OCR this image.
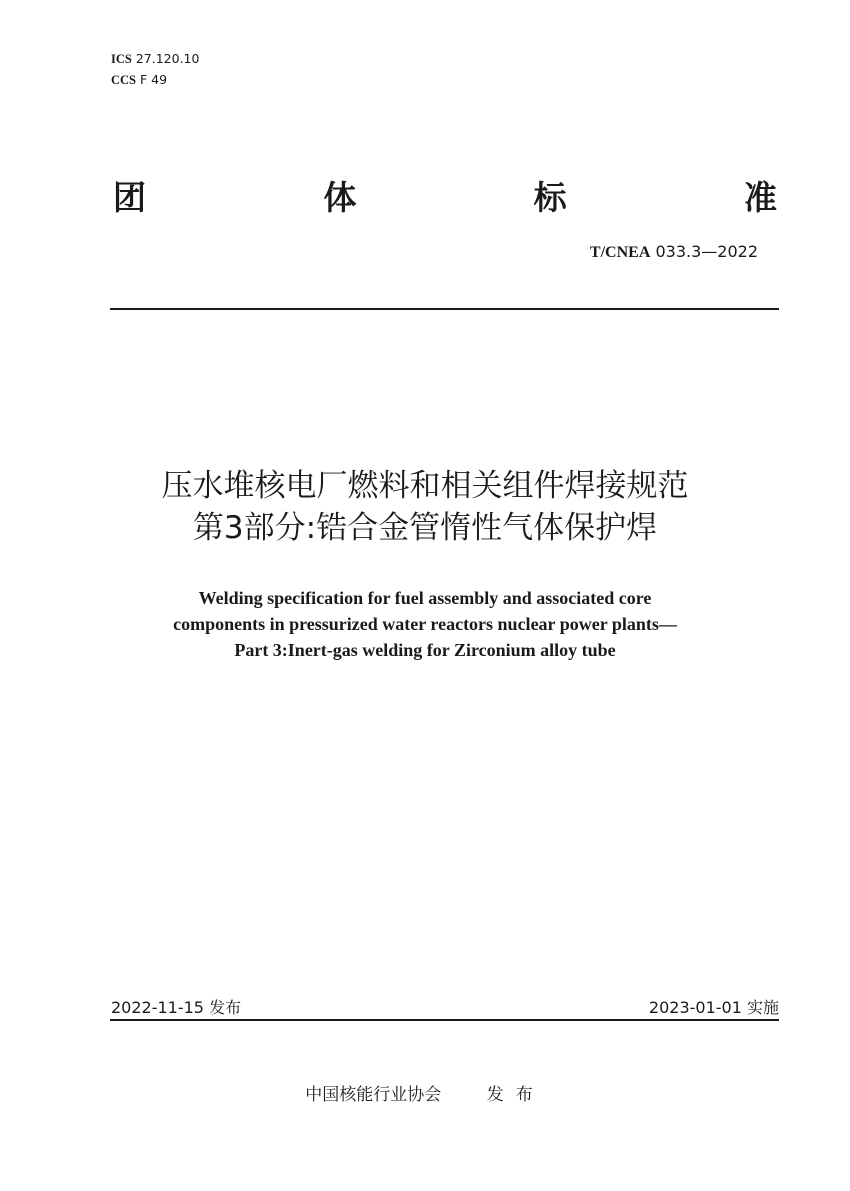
ICS 27.120.10
CCS F 49
团	体	标	准
T/CNEA 033.3—2022
压水堆核电厂燃料和相关组件焊接规范
第3部分:锆合金管惰性气体保护焊
Welding specification for fuel assembly and associated core
components in pressurized water reactors nuclear power plants—
Part 3:Inert-gas welding for Zirconium alloy tube
2022-11-15 发布	2023-01-01 实施
中国核能行业协会	发布
